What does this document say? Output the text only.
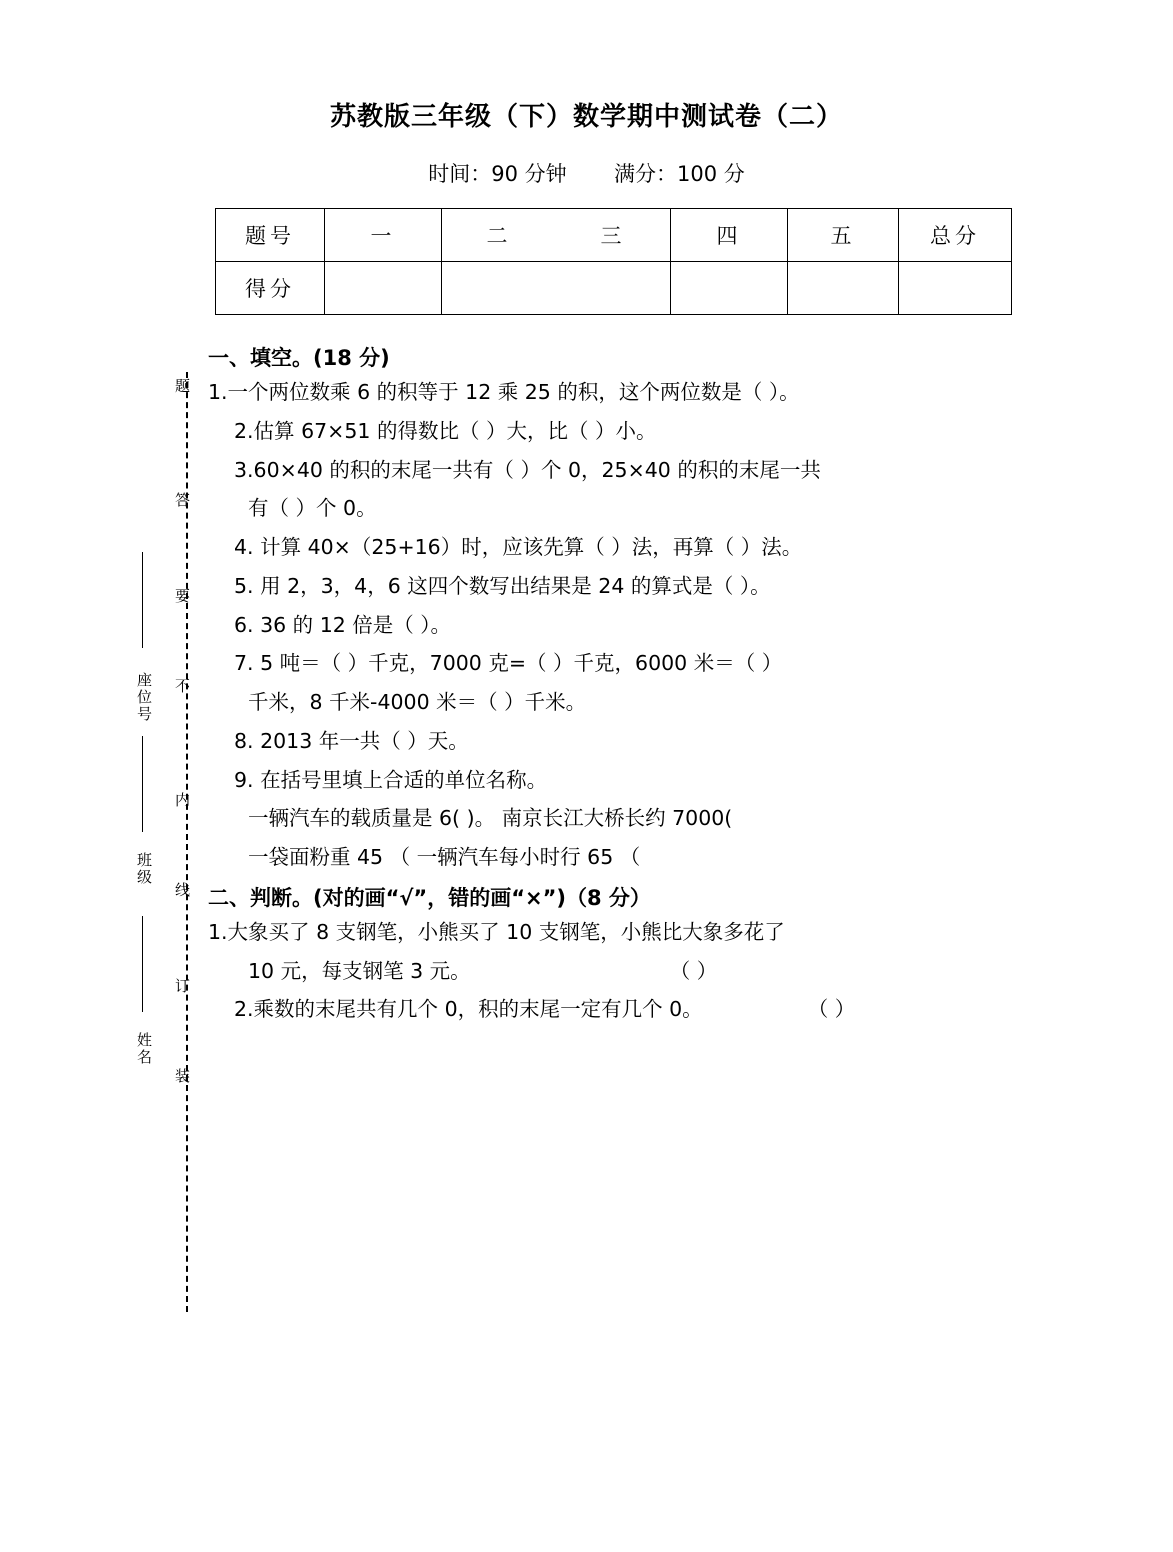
题
答
要
不
内
线
订
装
座位号
班级
姓名
苏教版三年级（下）数学期中测试卷（二）
时间：90 分钟 满分：100 分
题号	一	二 三	四	五	总分
得分					
一、填空。(18 分)
1.一个两位数乘 6 的积等于 12 乘 25 的积，这个两位数是（ ）。
2.估算 67×51 的得数比（ ）大，比（ ）小。
3.60×40 的积的末尾一共有（ ）个 0，25×40 的积的末尾一共
有（ ）个 0。
4. 计算 40×（25+16）时，应该先算（ ）法，再算（ ）法。
5. 用 2，3，4，6 这四个数写出结果是 24 的算式是（ ）。
6. 36 的 12 倍是（ ）。
7. 5 吨＝（ ）千克，7000 克=（ ）千克，6000 米＝（ ）
千米，8 千米-4000 米＝（ ）千米。
8. 2013 年一共（ ）天。
9. 在括号里填上合适的单位名称。
一辆汽车的载质量是 6( )。 南京长江大桥长约 7000(
一袋面粉重 45 （ 一辆汽车每小时行 65 （
二、判断。(对的画“√”，错的画“×”)（8 分）
1.大象买了 8 支钢笔，小熊买了 10 支钢笔，小熊比大象多花了
10 元，每支钢笔 3 元。	（ ）
2.乘数的末尾共有几个 0，积的末尾一定有几个 0。	（ ）
